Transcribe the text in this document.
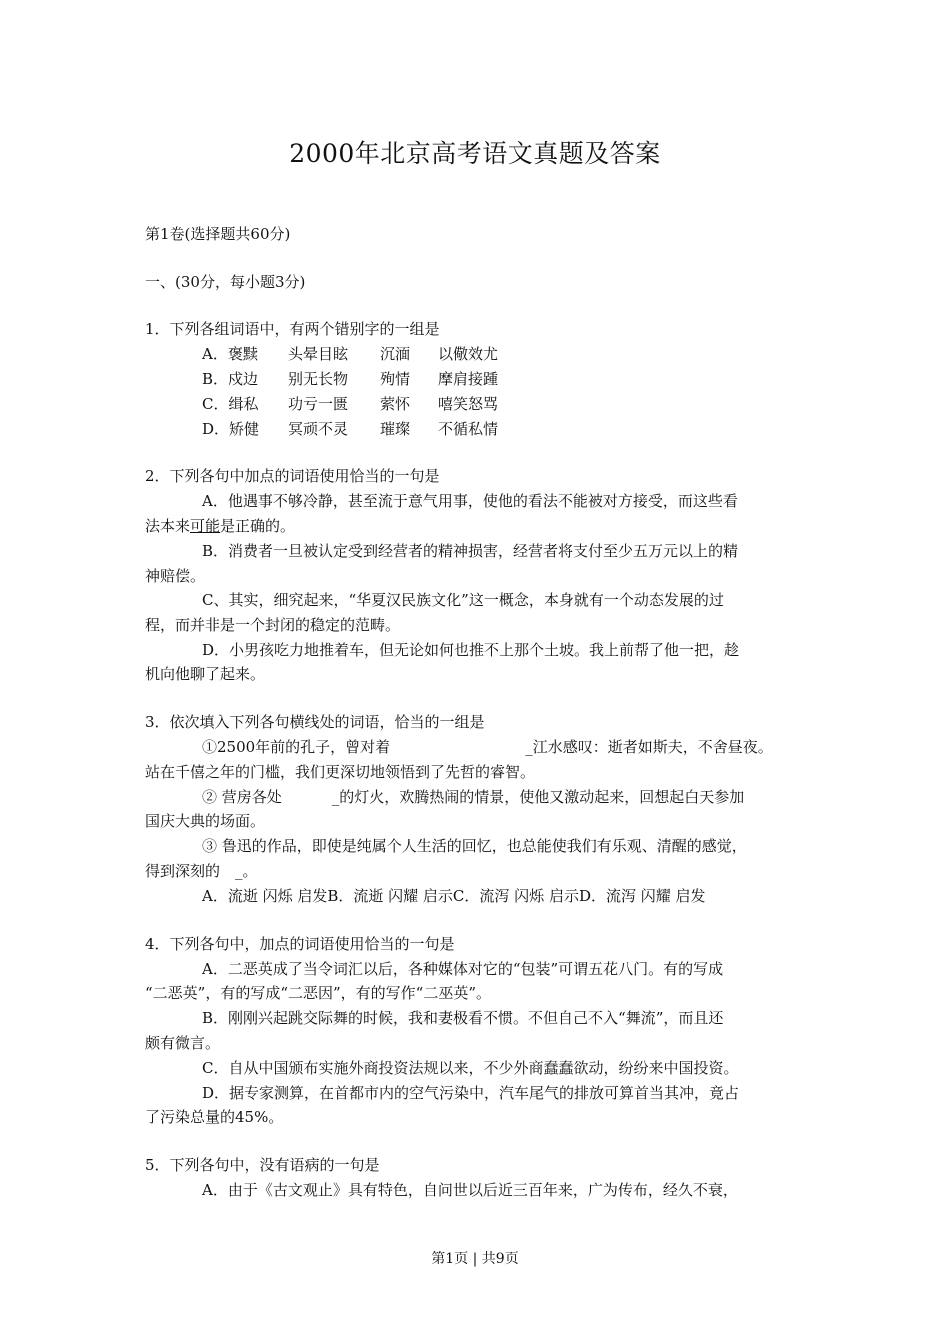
2000年北京高考语文真题及答案
第1卷(选择题共60分)
一、(30分，每小题3分)
1．下列各组词语中，有两个错别字的一组是
A．褒黩 头晕目眩 沉湎 以儆效尤
B．戍边 别无长物 殉情 摩肩接踵
C．缉私 功亏一匮 萦怀 嘻笑怒骂
D．矫健 冥顽不灵 璀璨 不循私情
2．下列各句中加点的词语使用恰当的一句是
A．他遇事不够冷静，甚至流于意气用事，使他的看法不能被对方接受，而这些看
法本来可能是正确的。
B．消费者一旦被认定受到经营者的精神损害，经营者将支付至少五万元以上的精
神赔偿。
C、其实，细究起来，“华夏汉民族文化”这一概念，本身就有一个动态发展的过
程，而并非是一个封闭的稳定的范畴。
D．小男孩吃力地推着车，但无论如何也推不上那个土坡。我上前帮了他一把，趁
机向他聊了起来。
3．依次填入下列各句横线处的词语，恰当的一组是
①2500年前的孔子，曾对着	_江水感叹：逝者如斯夫，不舍昼夜。
站在千僖之年的门槛，我们更深切地领悟到了先哲的睿智。
② 营房各处	_的灯火，欢腾热闹的情景，使他又激动起来，回想起白天参加
国庆大典的场面。
③ 鲁迅的作品，即使是纯属个人生活的回忆，也总能使我们有乐观、清醒的感觉，
得到深刻的　_。
A．流逝 闪烁 启发B．流逝 闪耀 启示C．流泻 闪烁 启示D．流泻 闪耀 启发
4．下列各句中，加点的词语使用恰当的一句是
A．二恶英成了当令词汇以后，各种媒体对它的“包装”可谓五花八门。有的写成
“二恶英”，有的写成“二恶因”，有的写作“二巫英”。
B．刚刚兴起跳交际舞的时候，我和妻极看不惯。不但自己不入“舞流”，而且还
颇有微言。
C．自从中国颁布实施外商投资法规以来，不少外商蠢蠢欲动，纷纷来中国投资。
D．据专家测算，在首都市内的空气污染中，汽车尾气的排放可算首当其冲，竟占
了污染总量的45%。
5．下列各句中，没有语病的一句是
A．由于《古文观止》具有特色，自问世以后近三百年来，广为传布，经久不衰，
第1页 | 共9页
